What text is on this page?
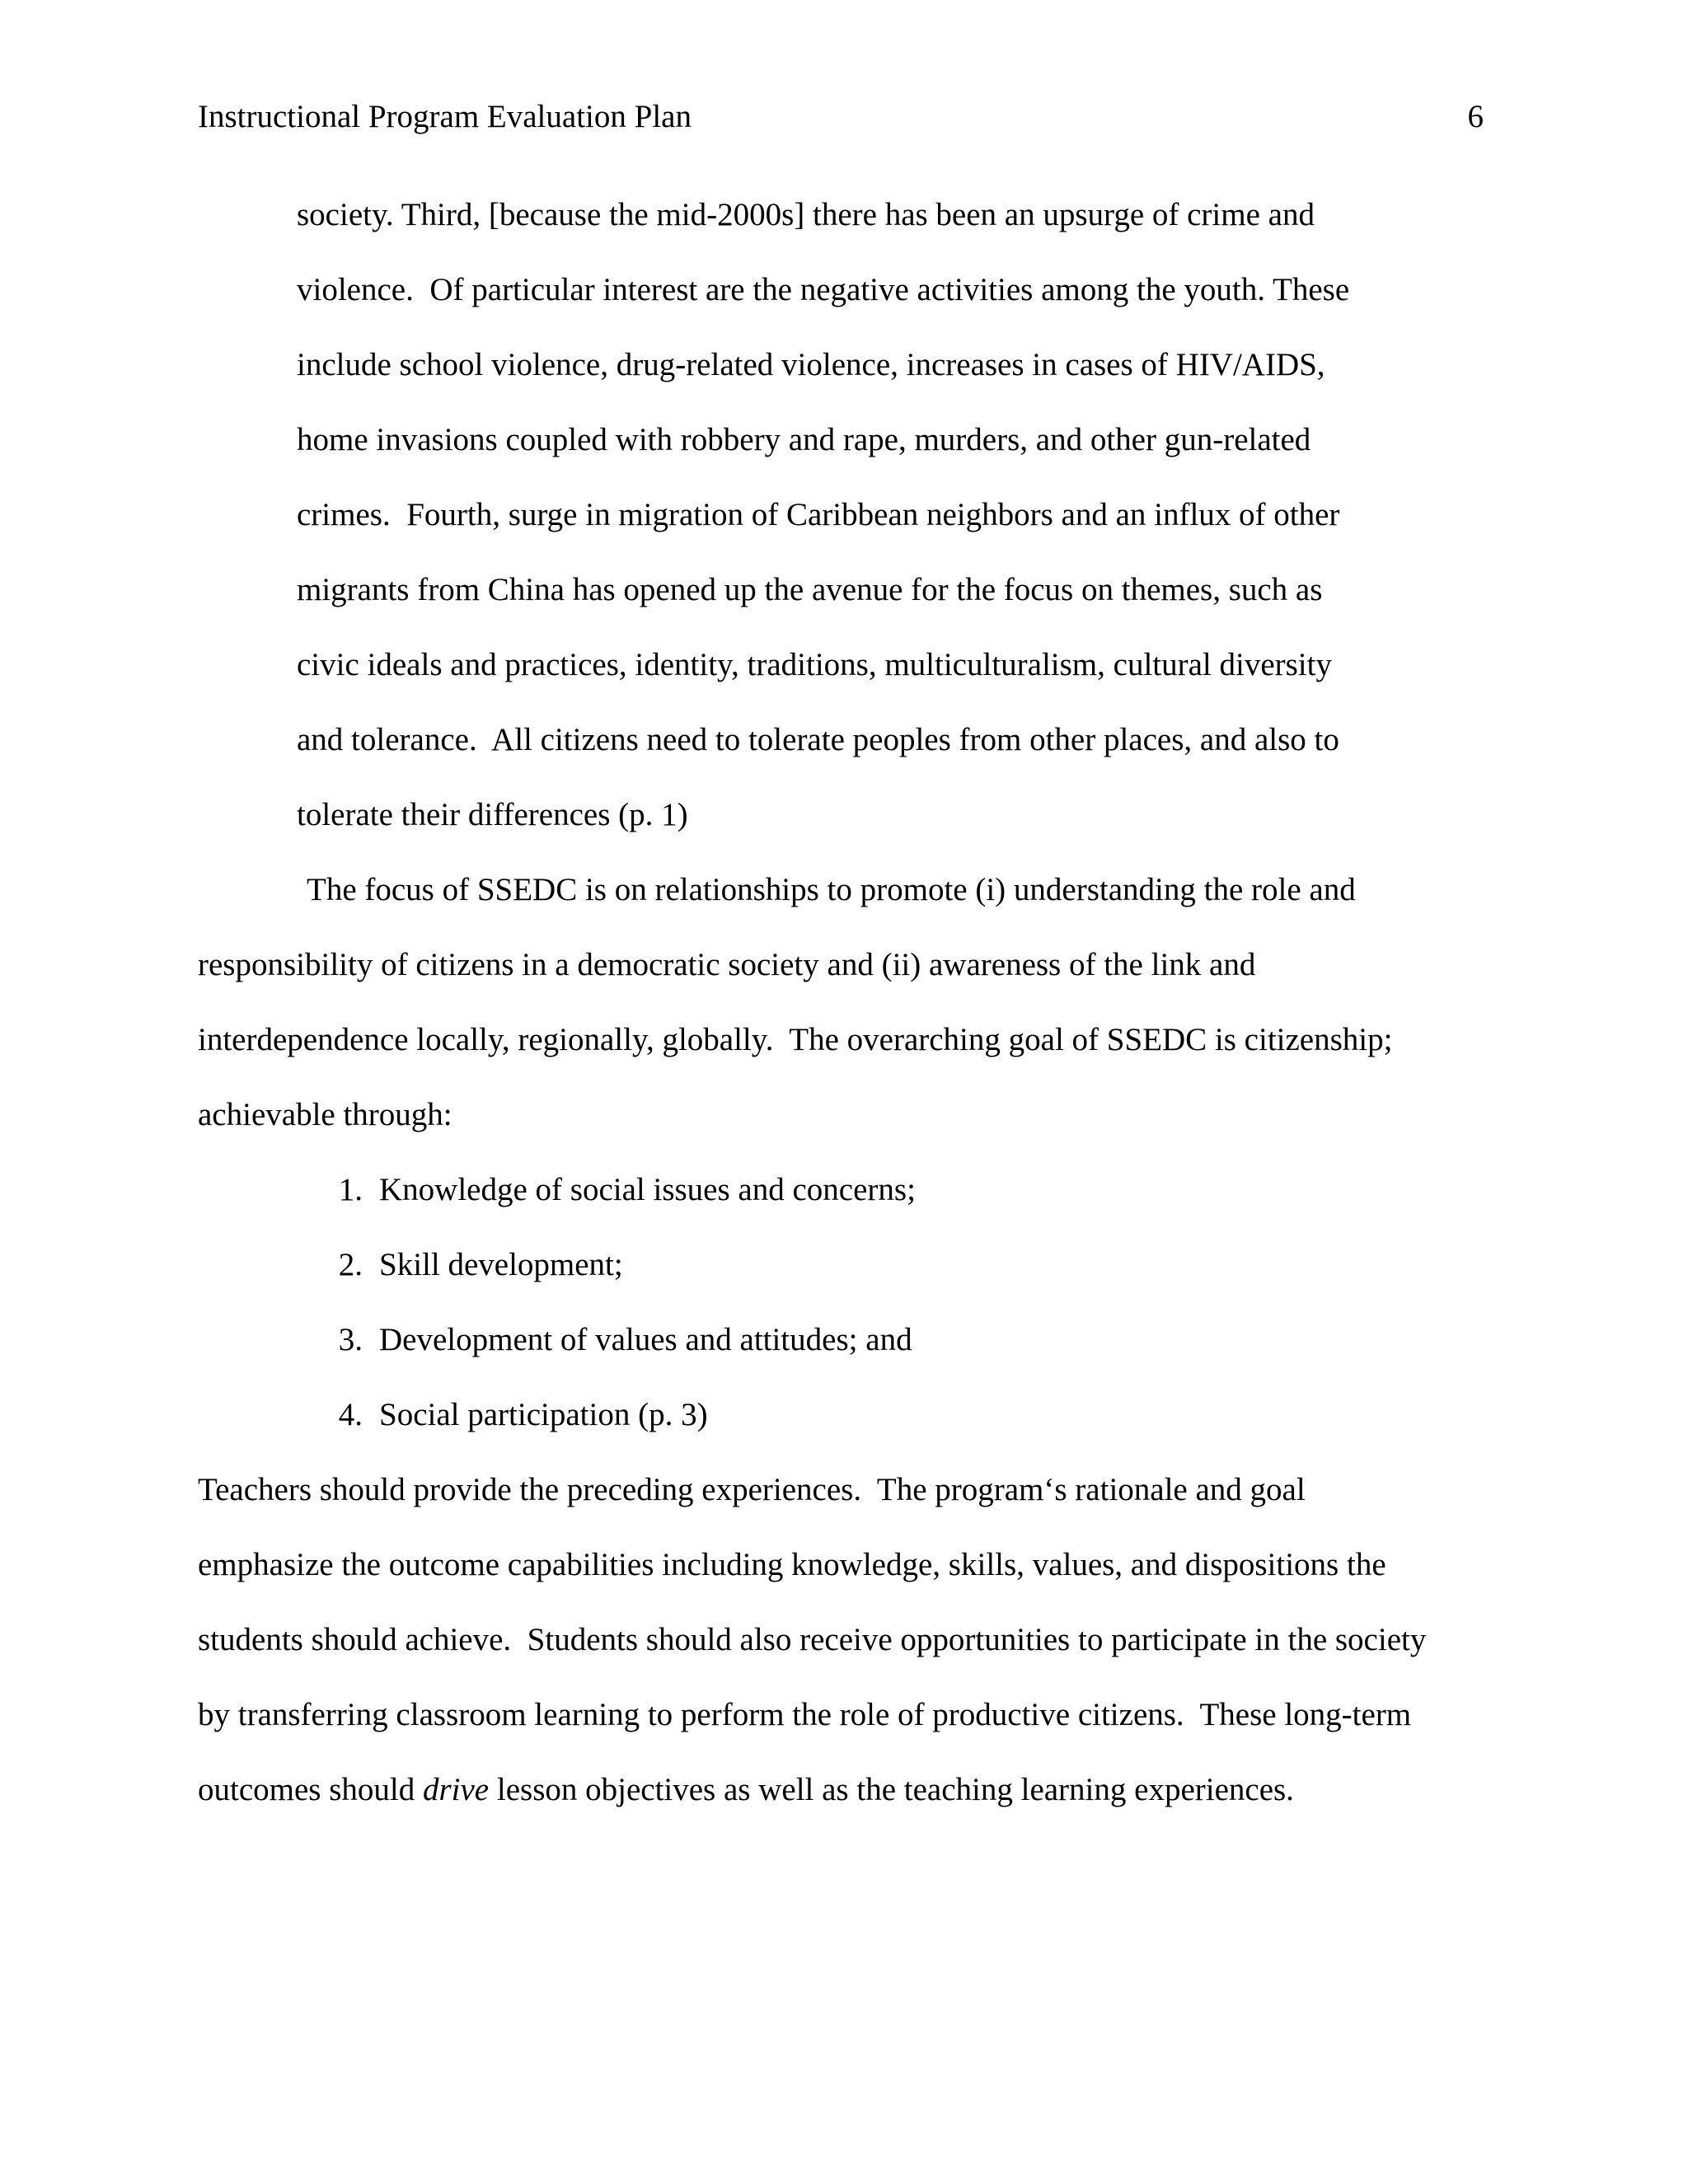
Instructional Program Evaluation Plan	6
society. Third, [because the mid-2000s] there has been an upsurge of crime and
violence.  Of particular interest are the negative activities among the youth. These
include school violence, drug-related violence, increases in cases of HIV/AIDS,
home invasions coupled with robbery and rape, murders, and other gun-related
crimes.  Fourth, surge in migration of Caribbean neighbors and an influx of other
migrants from China has opened up the avenue for the focus on themes, such as
civic ideals and practices, identity, traditions, multiculturalism, cultural diversity
and tolerance.  All citizens need to tolerate peoples from other places, and also to
tolerate their differences (p. 1)
The focus of SSEDC is on relationships to promote (i) understanding the role and
responsibility of citizens in a democratic society and (ii) awareness of the link and
interdependence locally, regionally, globally.  The overarching goal of SSEDC is citizenship;
achievable through:

1.

Knowledge of social issues and concerns;

2.

Skill development;

3.

Development of values and attitudes; and

4.

Social participation (p. 3)

Teachers should provide the preceding experiences.  The program‘s rationale and goal
emphasize the outcome capabilities including knowledge, skills, values, and dispositions the
students should achieve.  Students should also receive opportunities to participate in the society
by transferring classroom learning to perform the role of productive citizens.  These long-term
outcomes should drive lesson objectives as well as the teaching learning experiences.
